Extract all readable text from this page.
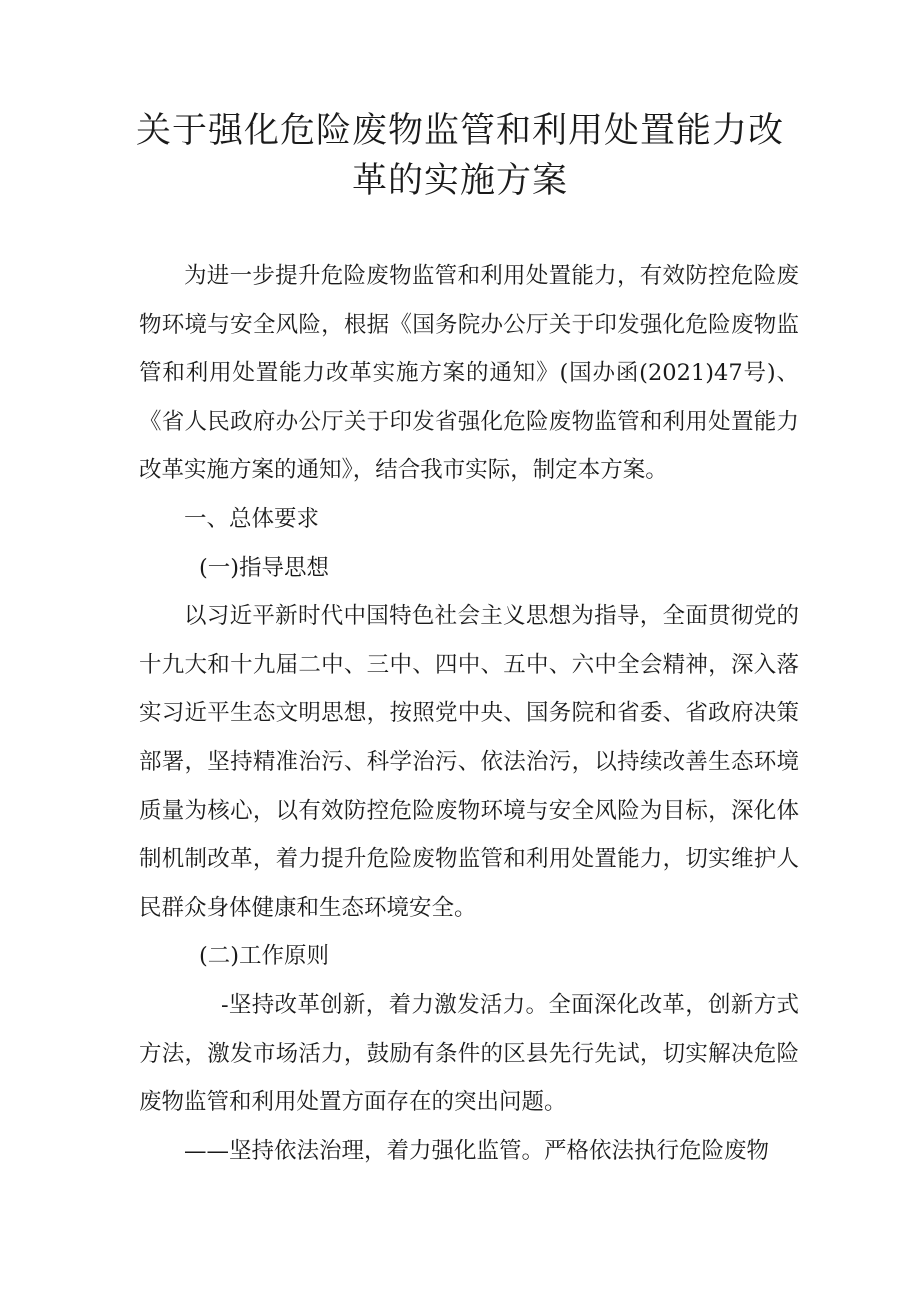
关于强化危险废物监管和利用处置能力改
革的实施方案

为进一步提升危险废物监管和利用处置能力，有效防控危险废物环境与安全风险，根据《国务院办公厅关于印发强化危险废物监管和利用处置能力改革实施方案的通知》(国办函(2021)47号)、《省人民政府办公厅关于印发省强化危险废物监管和利用处置能力改革实施方案的通知》，结合我市实际，制定本方案。

一、总体要求

(一)指导思想

以习近平新时代中国特色社会主义思想为指导，全面贯彻党的十九大和十九届二中、三中、四中、五中、六中全会精神，深入落实习近平生态文明思想，按照党中央、国务院和省委、省政府决策部署，坚持精准治污、科学治污、依法治污，以持续改善生态环境质量为核心，以有效防控危险废物环境与安全风险为目标，深化体制机制改革，着力提升危险废物监管和利用处置能力，切实维护人民群众身体健康和生态环境安全。

(二)工作原则

-坚持改革创新，着力激发活力。全面深化改革，创新方式方法，激发市场活力，鼓励有条件的区县先行先试，切实解决危险废物监管和利用处置方面存在的突出问题。

——坚持依法治理，着力强化监管。严格依法执行危险废物
